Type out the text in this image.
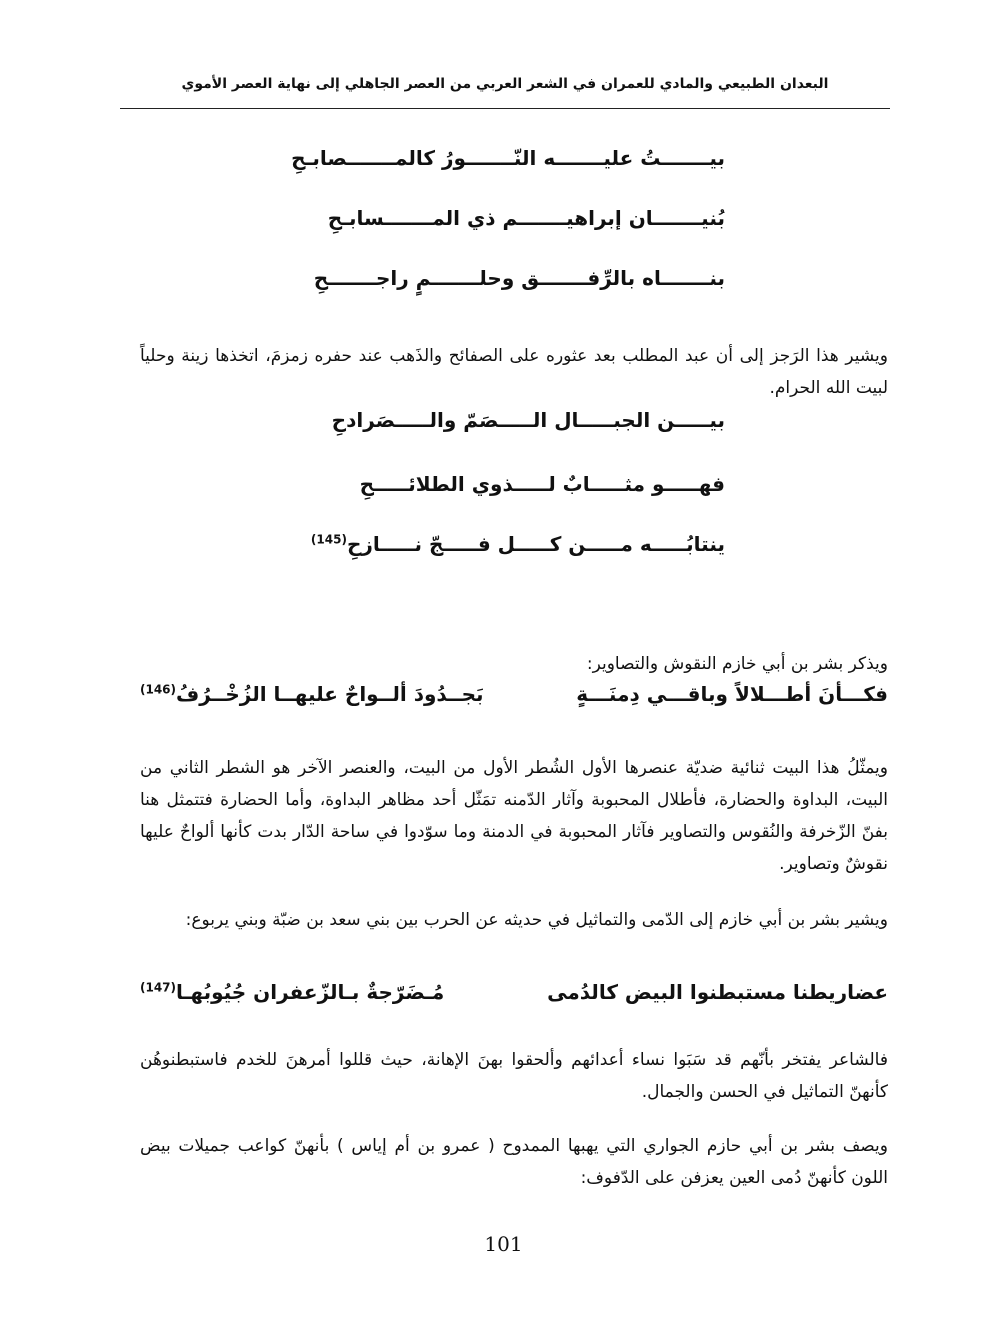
البعدان الطبيعي والمادي للعمران في الشعر العربي من العصر الجاهلي إلى نهاية العصر الأموي
بيـــــــتُ عليـــــــه النّـــــــورُ كالمـــــــصابـحِ
بُنيـــــــان إبراهيـــــــم ذي المـــــــسابـحِ
بنـــــــاه بالرِّفـــــــق وحلـــــــمٍ راجـــــــحِ
ويشير هذا الرَجز إلى أن عبد المطلب بعد عثوره على الصفائح والذَهب عند حفره زمزمَ، اتخذها زينة وحلياً لبيت الله الحرام.
بيـــــن الجبـــــال الـــــصَمّ والـــــصَرادحِ
فهـــــو مثـــــابٌ لـــــذوي الطلائـــــحِ
ينتابُـــــه مـــــن كـــــل فـــــجّ نـــــازحِ$^{(145)}$
ويذكر بشر بن أبي خازم النقوش والتصاوير:
فكـــأنَ أطـــلالاً وباقـــي دِمنَـــةٍ
بَجــدُودَ ألــواحٌ عليهــا الزُخْــرُفُ$^{(146)}$
ويمثّلُ هذا البيت ثنائية ضديّة عنصرها الأول الشُطر الأول من البيت، والعنصر الآخر هو الشطر الثاني من البيت، البداوة والحضارة، فأطلال المحبوبة وآثار الدّمنه تمَثّل أحد مظاهر البداوة، وأما الحضارة فتتمثل هنا بفنّ الزّخرفة والنُقوس والتصاوير فآثار المحبوبة في الدمنة وما سوّدوا في ساحة الدّار بدت كأنها ألواحٌ عليها نقوشٌ وتصاوير.
ويشير بشر بن أبي خازم إلى الدّمى والتماثيل في حديثه عن الحرب بين بني سعد بن ضبّة وبني يربوع:
عضاريطنا مستبطنوا البيض كالدُمى
مُـضَرّجةٌ بـالزّعفران جُيُوبُهـا$^{(147)}$
فالشاعر يفتخر بأنّهم قد سَبَوا نساء أعدائهم وألحقوا بهنَ الإهانة، حيث قللوا أمرهنَ للخدم فاستبطنوهُن كأنهنّ التماثيل في الحسن والجمال.
ويصف بشر بن أبي حازم الجواري التي يهبها الممدوح ( عمرو بن أم إياس ) بأنهنّ كواعب جميلات بيض اللون كأنهنّ دُمى العين يعزفن على الدّفوف:
101
